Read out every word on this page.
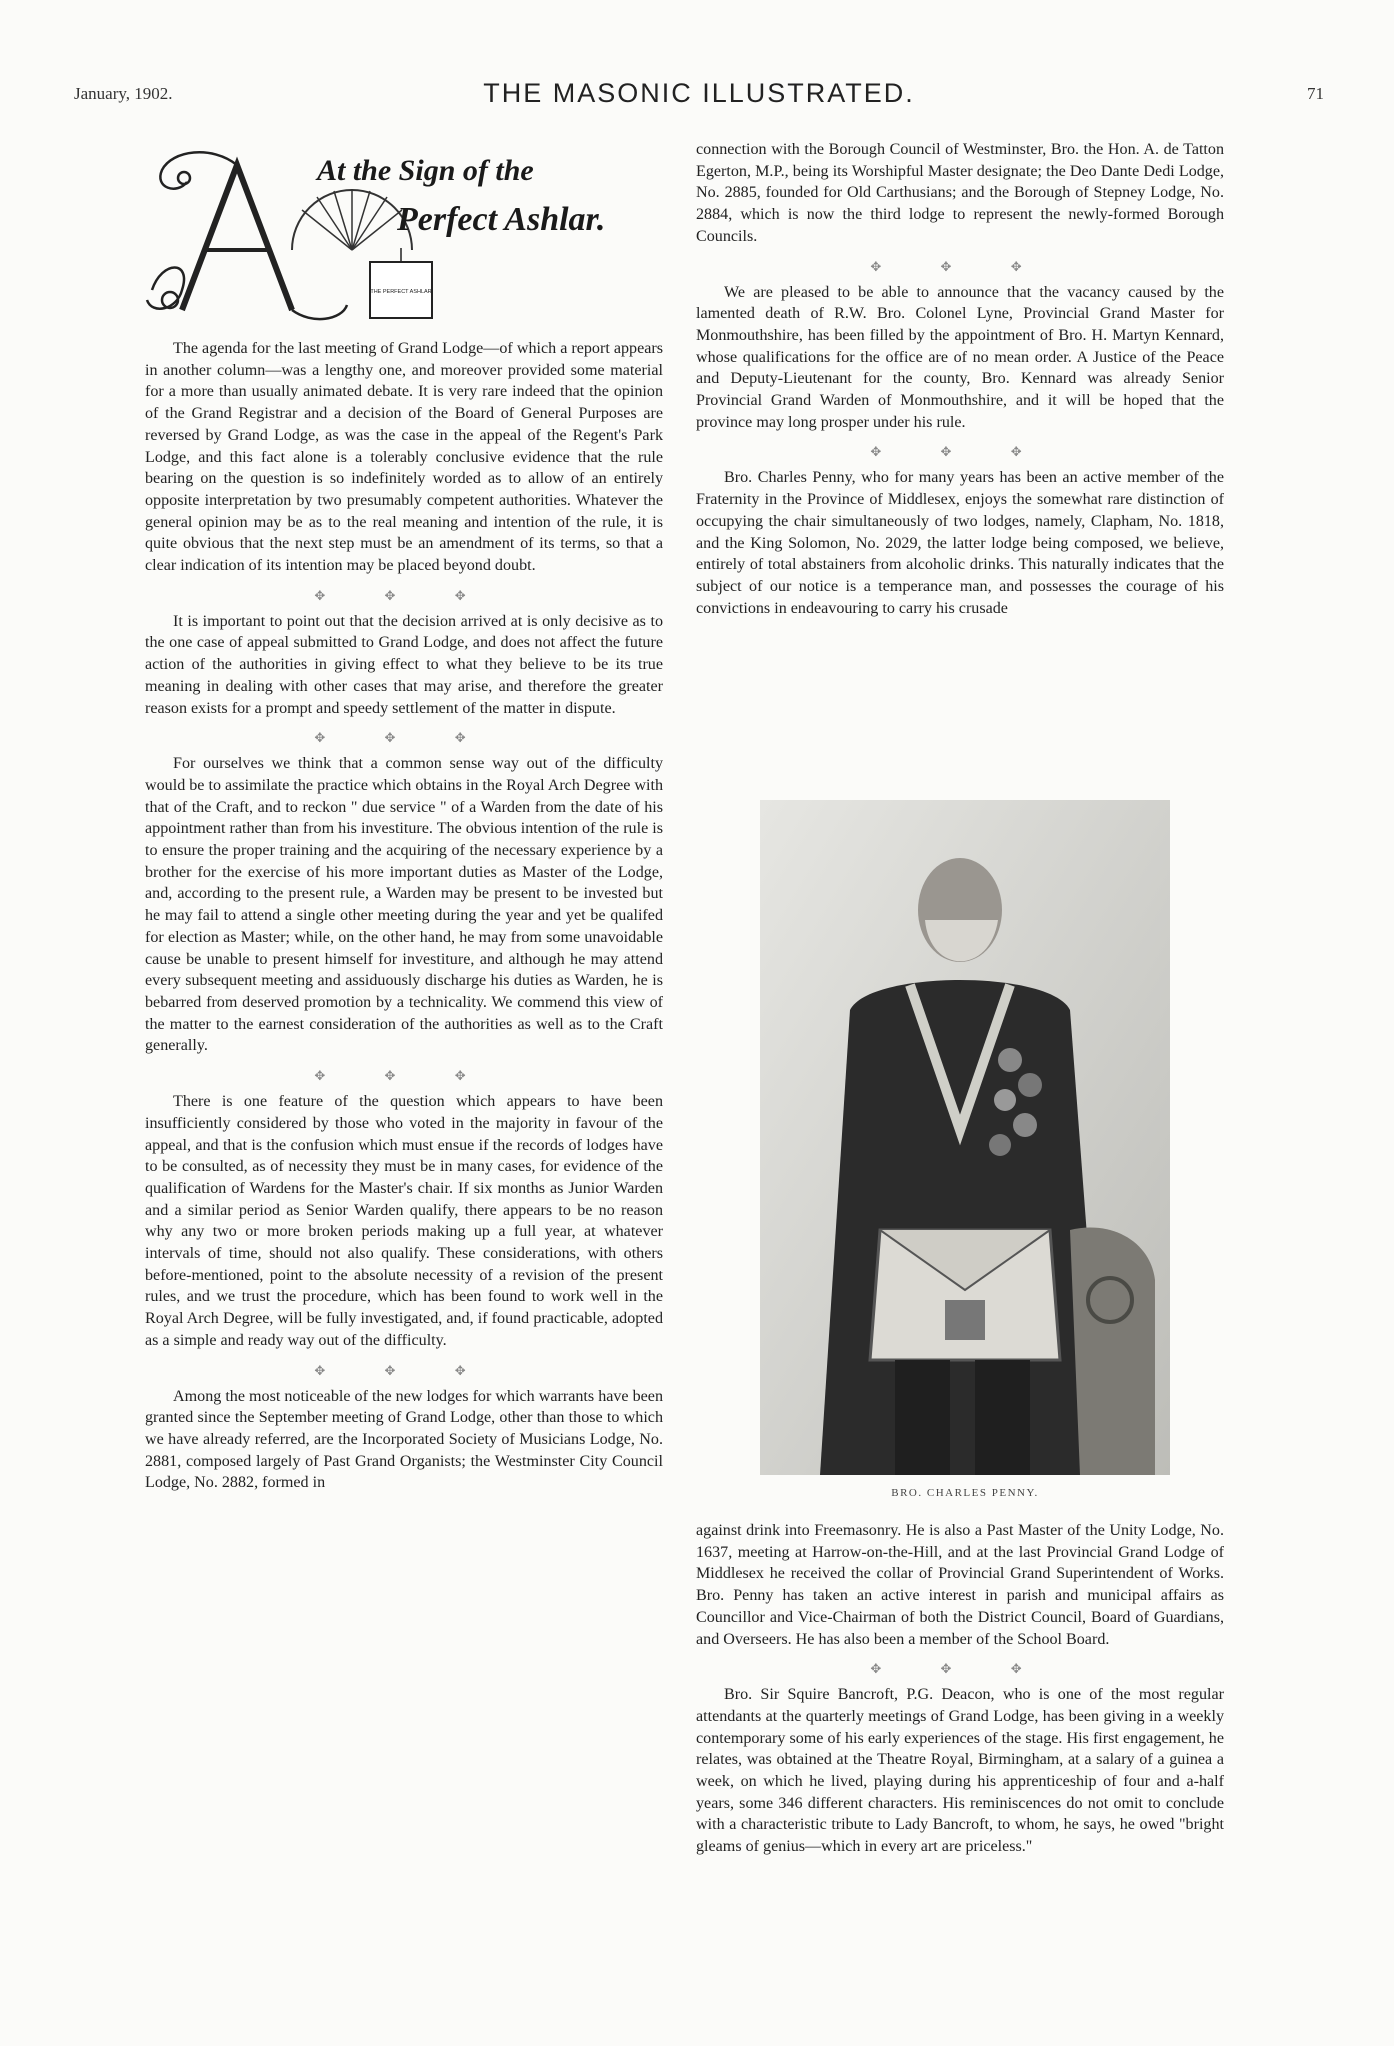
January, 1902.	THE MASONIC ILLUSTRATED.	71
At the Sign of the
Perfect Ashlar.
THE PERFECT ASHLAR

The agenda for the last meeting of Grand Lodge—of which a report appears in another column—was a lengthy one, and moreover provided some material for a more than usually animated debate. It is very rare indeed that the opinion of the Grand Registrar and a decision of the Board of General Purposes are reversed by Grand Lodge, as was the case in the appeal of the Regent's Park Lodge, and this fact alone is a tolerably conclusive evidence that the rule bearing on the question is so indefinitely worded as to allow of an entirely opposite interpretation by two presumably competent authorities. Whatever the general opinion may be as to the real meaning and intention of the rule, it is quite obvious that the next step must be an amendment of its terms, so that a clear indication of its intention may be placed beyond doubt.

✥ ✥ ✥

It is important to point out that the decision arrived at is only decisive as to the one case of appeal submitted to Grand Lodge, and does not affect the future action of the authorities in giving effect to what they believe to be its true meaning in dealing with other cases that may arise, and therefore the greater reason exists for a prompt and speedy settlement of the matter in dispute.

✥ ✥ ✥

For ourselves we think that a common sense way out of the difficulty would be to assimilate the practice which obtains in the Royal Arch Degree with that of the Craft, and to reckon " due service " of a Warden from the date of his appointment rather than from his investiture. The obvious intention of the rule is to ensure the proper training and the acquiring of the necessary experience by a brother for the exercise of his more important duties as Master of the Lodge, and, according to the present rule, a Warden may be present to be invested but he may fail to attend a single other meeting during the year and yet be qualifed for election as Master; while, on the other hand, he may from some unavoidable cause be unable to present himself for investiture, and although he may attend every subsequent meeting and assiduously discharge his duties as Warden, he is bebarred from deserved promotion by a technicality. We commend this view of the matter to the earnest consideration of the authorities as well as to the Craft generally.

✥ ✥ ✥

There is one feature of the question which appears to have been insufficiently considered by those who voted in the majority in favour of the appeal, and that is the confusion which must ensue if the records of lodges have to be consulted, as of necessity they must be in many cases, for evidence of the qualification of Wardens for the Master's chair. If six months as Junior Warden and a similar period as Senior Warden qualify, there appears to be no reason why any two or more broken periods making up a full year, at whatever intervals of time, should not also qualify. These considerations, with others before-mentioned, point to the absolute necessity of a revision of the present rules, and we trust the procedure, which has been found to work well in the Royal Arch Degree, will be fully investigated, and, if found practicable, adopted as a simple and ready way out of the difficulty.

✥ ✥ ✥

Among the most noticeable of the new lodges for which warrants have been granted since the September meeting of Grand Lodge, other than those to which we have already referred, are the Incorporated Society of Musicians Lodge, No. 2881, composed largely of Past Grand Organists; the Westminster City Council Lodge, No. 2882, formed in

connection with the Borough Council of Westminster, Bro. the Hon. A. de Tatton Egerton, M.P., being its Worshipful Master designate; the Deo Dante Dedi Lodge, No. 2885, founded for Old Carthusians; and the Borough of Stepney Lodge, No. 2884, which is now the third lodge to represent the newly-formed Borough Councils.

✥ ✥ ✥

We are pleased to be able to announce that the vacancy caused by the lamented death of R.W. Bro. Colonel Lyne, Provincial Grand Master for Monmouthshire, has been filled by the appointment of Bro. H. Martyn Kennard, whose qualifications for the office are of no mean order. A Justice of the Peace and Deputy-Lieutenant for the county, Bro. Kennard was already Senior Provincial Grand Warden of Monmouthshire, and it will be hoped that the province may long prosper under his rule.

✥ ✥ ✥

Bro. Charles Penny, who for many years has been an active member of the Fraternity in the Province of Middlesex, enjoys the somewhat rare distinction of occupying the chair simultaneously of two lodges, namely, Clapham, No. 1818, and the King Solomon, No. 2029, the latter lodge being composed, we believe, entirely of total abstainers from alcoholic drinks. This naturally indicates that the subject of our notice is a temperance man, and possesses the courage of his convictions in endeavouring to carry his crusade

BRO. CHARLES PENNY.

against drink into Freemasonry. He is also a Past Master of the Unity Lodge, No. 1637, meeting at Harrow-on-the-Hill, and at the last Provincial Grand Lodge of Middlesex he received the collar of Provincial Grand Superintendent of Works. Bro. Penny has taken an active interest in parish and municipal affairs as Councillor and Vice-Chairman of both the District Council, Board of Guardians, and Overseers. He has also been a member of the School Board.

✥ ✥ ✥

Bro. Sir Squire Bancroft, P.G. Deacon, who is one of the most regular attendants at the quarterly meetings of Grand Lodge, has been giving in a weekly contemporary some of his early experiences of the stage. His first engagement, he relates, was obtained at the Theatre Royal, Birmingham, at a salary of a guinea a week, on which he lived, playing during his apprenticeship of four and a-half years, some 346 different characters. His reminiscences do not omit to conclude with a characteristic tribute to Lady Bancroft, to whom, he says, he owed "bright gleams of genius—which in every art are priceless."
